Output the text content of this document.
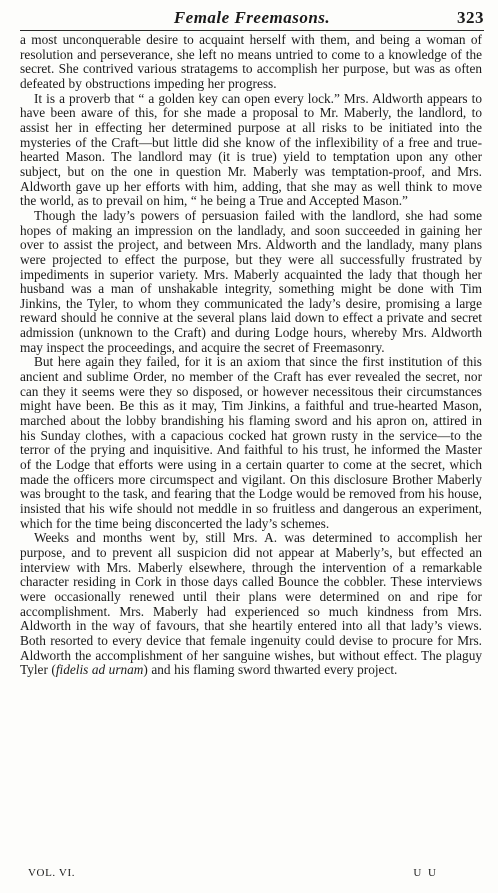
Female Freemasons.	323

a most unconquerable desire to acquaint herself with them, and being a woman of resolution and perseverance, she left no means untried to come to a knowledge of the secret. She contrived various stratagems to accomplish her purpose, but was as often defeated by obstructions impeding her progress.

It is a proverb that “ a golden key can open every lock.” Mrs. Aldworth appears to have been aware of this, for she made a proposal to Mr. Maberly, the landlord, to assist her in effecting her determined purpose at all risks to be initiated into the mysteries of the Craft—but little did she know of the inflexibility of a free and true-hearted Mason. The landlord may (it is true) yield to temptation upon any other subject, but on the one in question Mr. Maberly was temptation-proof, and Mrs. Aldworth gave up her efforts with him, adding, that she may as well think to move the world, as to prevail on him, “ he being a True and Accepted Mason.”

Though the lady’s powers of persuasion failed with the landlord, she had some hopes of making an impression on the landlady, and soon succeeded in gaining her over to assist the project, and between Mrs. Aldworth and the landlady, many plans were projected to effect the purpose, but they were all successfully frustrated by impediments in superior variety. Mrs. Maberly acquainted the lady that though her husband was a man of unshakable integrity, something might be done with Tim Jinkins, the Tyler, to whom they communicated the lady’s desire, promising a large reward should he connive at the several plans laid down to effect a private and secret admission (unknown to the Craft) and during Lodge hours, whereby Mrs. Aldworth may inspect the proceedings, and acquire the secret of Freemasonry.

But here again they failed, for it is an axiom that since the first institution of this ancient and sublime Order, no member of the Craft has ever revealed the secret, nor can they it seems were they so disposed, or however necessitous their circumstances might have been. Be this as it may, Tim Jinkins, a faithful and true-hearted Mason, marched about the lobby brandishing his flaming sword and his apron on, attired in his Sunday clothes, with a capacious cocked hat grown rusty in the service—to the terror of the prying and inquisitive. And faithful to his trust, he informed the Master of the Lodge that efforts were using in a certain quarter to come at the secret, which made the officers more circumspect and vigilant. On this disclosure Brother Maberly was brought to the task, and fearing that the Lodge would be removed from his house, insisted that his wife should not meddle in so fruitless and dangerous an experiment, which for the time being disconcerted the lady’s schemes.

Weeks and months went by, still Mrs. A. was determined to accomplish her purpose, and to prevent all suspicion did not appear at Maberly’s, but effected an interview with Mrs. Maberly elsewhere, through the intervention of a remarkable character residing in Cork in those days called Bounce the cobbler. These interviews were occasionally renewed until their plans were determined on and ripe for accomplishment. Mrs. Maberly had experienced so much kindness from Mrs. Aldworth in the way of favours, that she heartily entered into all that lady’s views. Both resorted to every device that female ingenuity could devise to procure for Mrs. Aldworth the accomplishment of her sanguine wishes, but without effect. The plaguy Tyler (fidelis ad urnam) and his flaming sword thwarted every project.

VOL. VI.	U U
